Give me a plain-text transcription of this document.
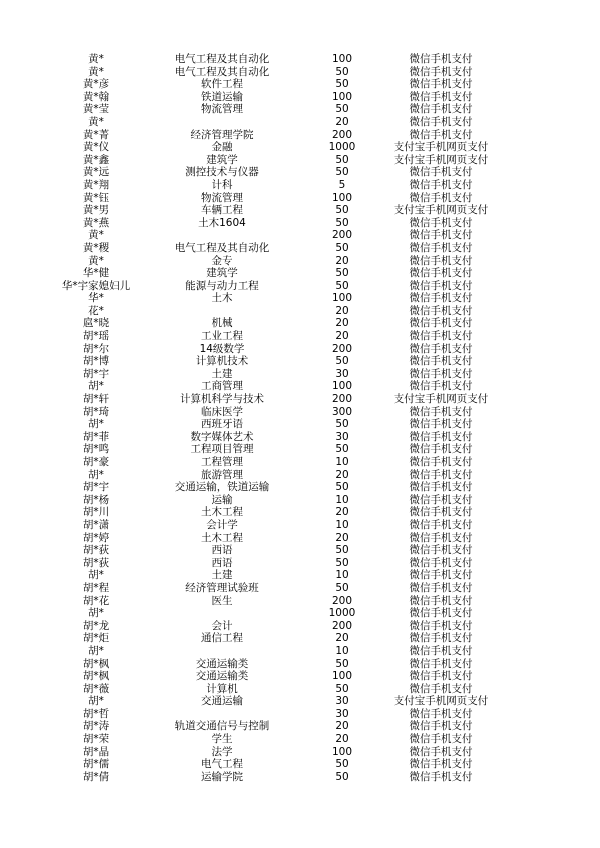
黄*	电气工程及其自动化	100	微信手机支付
黄*	电气工程及其自动化	50	微信手机支付
黄*彦	软件工程	50	微信手机支付
黄*翰	铁道运输	100	微信手机支付
黄*莹	物流管理	50	微信手机支付
黄*		20	微信手机支付
黄*菁	经济管理学院	200	微信手机支付
黄*仪	金融	1000	支付宝手机网页支付
黄*鑫	建筑学	50	支付宝手机网页支付
黄*远	测控技术与仪器	50	微信手机支付
黄*翔	计科	5	微信手机支付
黄*钰	物流管理	100	微信手机支付
黄*男	车辆工程	50	支付宝手机网页支付
黄*燕	土木1604	50	微信手机支付
黄*		200	微信手机支付
黄*稷	电气工程及其自动化	50	微信手机支付
黄*	金专	20	微信手机支付
华*健	建筑学	50	微信手机支付
华*宇家媳妇儿	能源与动力工程	50	微信手机支付
华*	土木	100	微信手机支付
花*		20	微信手机支付
扈*晓	机械	20	微信手机支付
胡*瑶	工业工程	20	微信手机支付
胡*尔	14级数学	200	微信手机支付
胡*博	计算机技术	50	微信手机支付
胡*宇	土建	30	微信手机支付
胡*	工商管理	100	微信手机支付
胡*轩	计算机科学与技术	200	支付宝手机网页支付
胡*琦	临床医学	300	微信手机支付
胡*	西班牙语	50	微信手机支付
胡*菲	数字媒体艺术	30	微信手机支付
胡*鸣	工程项目管理	50	微信手机支付
胡*豪	工程管理	10	微信手机支付
胡*	旅游管理	20	微信手机支付
胡*宇	交通运输，铁道运输	50	微信手机支付
胡*杨	运输	10	微信手机支付
胡*川	土木工程	20	微信手机支付
胡*潇	会计学	10	微信手机支付
胡*婷	土木工程	20	微信手机支付
胡*荻	西语	50	微信手机支付
胡*荻	西语	50	微信手机支付
胡*	土建	10	微信手机支付
胡*程	经济管理试验班	50	微信手机支付
胡*花	医生	200	微信手机支付
胡*		1000	微信手机支付
胡*龙	会计	200	微信手机支付
胡*炬	通信工程	20	微信手机支付
胡*		10	微信手机支付
胡*枫	交通运输类	50	微信手机支付
胡*枫	交通运输类	100	微信手机支付
胡*薇	计算机	50	微信手机支付
胡*	交通运输	30	支付宝手机网页支付
胡*哲		30	微信手机支付
胡*涛	轨道交通信号与控制	20	微信手机支付
胡*荣	学生	20	微信手机支付
胡*晶	法学	100	微信手机支付
胡*儒	电气工程	50	微信手机支付
胡*倩	运输学院	50	微信手机支付
